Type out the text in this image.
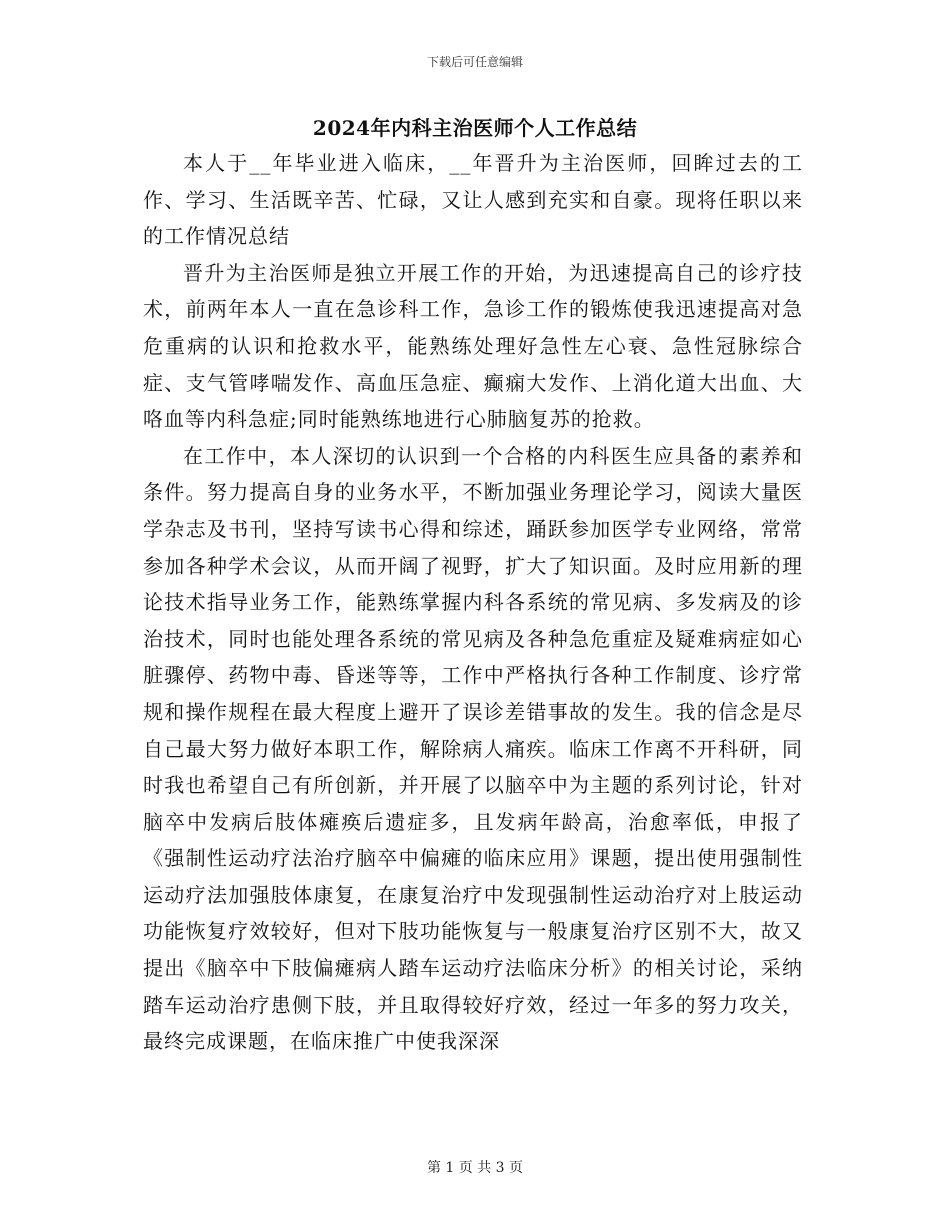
下载后可任意编辑
2024年内科主治医师个人工作总结

本人于__年毕业进入临床，__年晋升为主治医师，回眸过去的工作、学习、生活既辛苦、忙碌，又让人感到充实和自豪。现将任职以来的工作情况总结

晋升为主治医师是独立开展工作的开始，为迅速提高自己的诊疗技术，前两年本人一直在急诊科工作，急诊工作的锻炼使我迅速提高对急危重病的认识和抢救水平，能熟练处理好急性左心衰、急性冠脉综合症、支气管哮喘发作、高血压急症、癫痫大发作、上消化道大出血、大咯血等内科急症;同时能熟练地进行心肺脑复苏的抢救。

在工作中，本人深切的认识到一个合格的内科医生应具备的素养和条件。努力提高自身的业务水平，不断加强业务理论学习，阅读大量医学杂志及书刊，坚持写读书心得和综述，踊跃参加医学专业网络，常常参加各种学术会议，从而开阔了视野，扩大了知识面。及时应用新的理论技术指导业务工作，能熟练掌握内科各系统的常见病、多发病及的诊治技术，同时也能处理各系统的常见病及各种急危重症及疑难病症如心脏骤停、药物中毒、昏迷等等，工作中严格执行各种工作制度、诊疗常规和操作规程在最大程度上避开了误诊差错事故的发生。我的信念是尽自己最大努力做好本职工作，解除病人痛疾。临床工作离不开科研，同时我也希望自己有所创新，并开展了以脑卒中为主题的系列讨论，针对脑卒中发病后肢体瘫痪后遗症多，且发病年龄高，治愈率低，申报了《强制性运动疗法治疗脑卒中偏瘫的临床应用》课题，提出使用强制性运动疗法加强肢体康复，在康复治疗中发现强制性运动治疗对上肢运动功能恢复疗效较好，但对下肢功能恢复与一般康复治疗区别不大，故又提出《脑卒中下肢偏瘫病人踏车运动疗法临床分析》的相关讨论，采纳踏车运动治疗患侧下肢，并且取得较好疗效，经过一年多的努力攻关，最终完成课题，在临床推广中使我深深

第 1 页 共 3 页
